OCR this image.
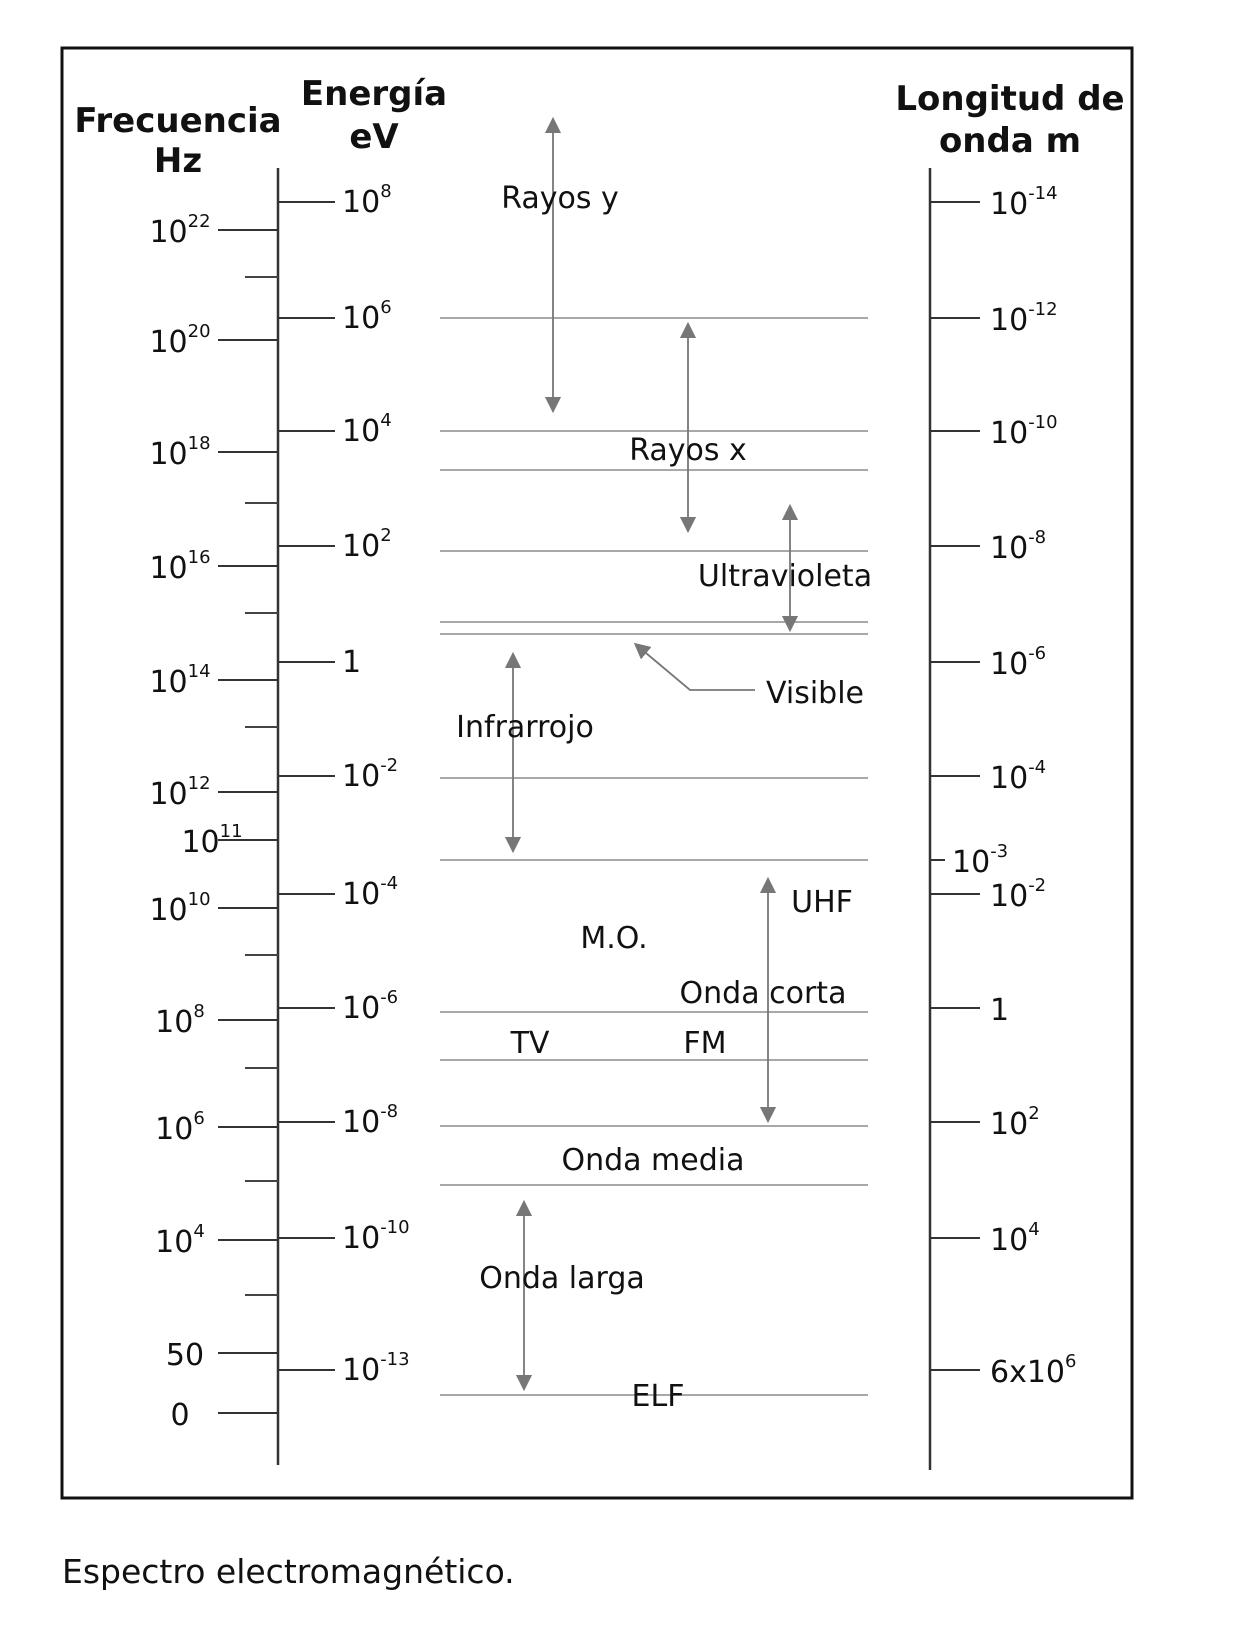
Frecuencia
Hz
Energía
eV
Longitud de
onda m
$10^{22}$
$10^{20}$
$10^{18}$
$10^{16}$
$10^{14}$
$10^{12}$
$10^{11}$
$10^{10}$
$10^8$
$10^6$
$10^4$
50
0
$10^8$
$10^6$
$10^4$
$10^2$
1
$10^{-2}$
$10^{-4}$
$10^{-6}$
$10^{-8}$
$10^{-10}$
$10^{-13}$
$10^{-14}$
$10^{-12}$
$10^{-10}$
$10^{-8}$
$10^{-6}$
$10^{-4}$
$10^{-3}$
$10^{-2}$
1
$10^2$
$10^4$
$6x10^6$
Rayos y
Rayos x
Ultravioleta
Visible
Infrarrojo
UHF
M.O.
Onda corta
TV	FM
Onda media
Onda larga
ELF
Espectro electromagnético.
